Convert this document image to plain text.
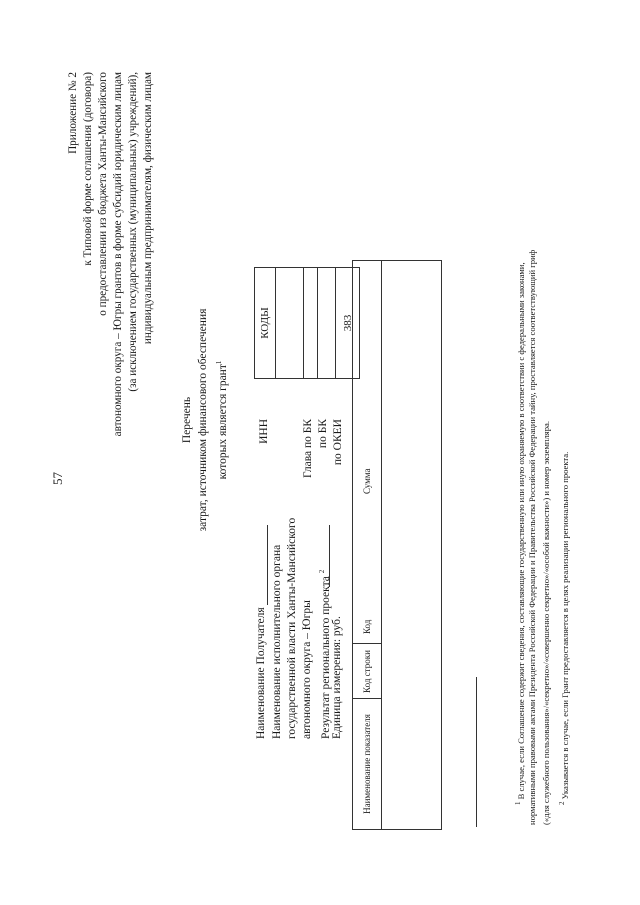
57
Приложение № 2 к Типовой форме соглашения (договора) о предоставлении из бюджета Ханты-Мансийского автономного округа – Югры грантов в форме субсидий юридическим лицам (за исключением государственных (муниципальных) учреждений), индивидуальным предпринимателям, физическим лицам
Перечень затрат, источником финансового обеспечения которых является грант$^1$
Наименование Получателя Наименование исполнительного органа государственной власти Ханты-Мансийского автономного округа – Югры Результат регионального проекта $^2$
Единица измерения: руб.
ИНН	Глава по БК по БК по ОКЕИ
КОДЫ	383
Наименование показателя
Код строки
Код
Сумма
$^1$ В случае, если Соглашение содержит сведения, составляющие государственную или иную охраняемую в соответствии с федеральными законами, нормативными правовыми актами Президента Российской Федерации и Правительства Российской Федерации тайну, проставляется соответствующий гриф («для служебного пользования»/«секретно»/«совершенно секретно»/«особой важности») и номер экземпляра. $^2$ Указывается в случае, если Грант предоставляется в целях реализации регионального проекта.
